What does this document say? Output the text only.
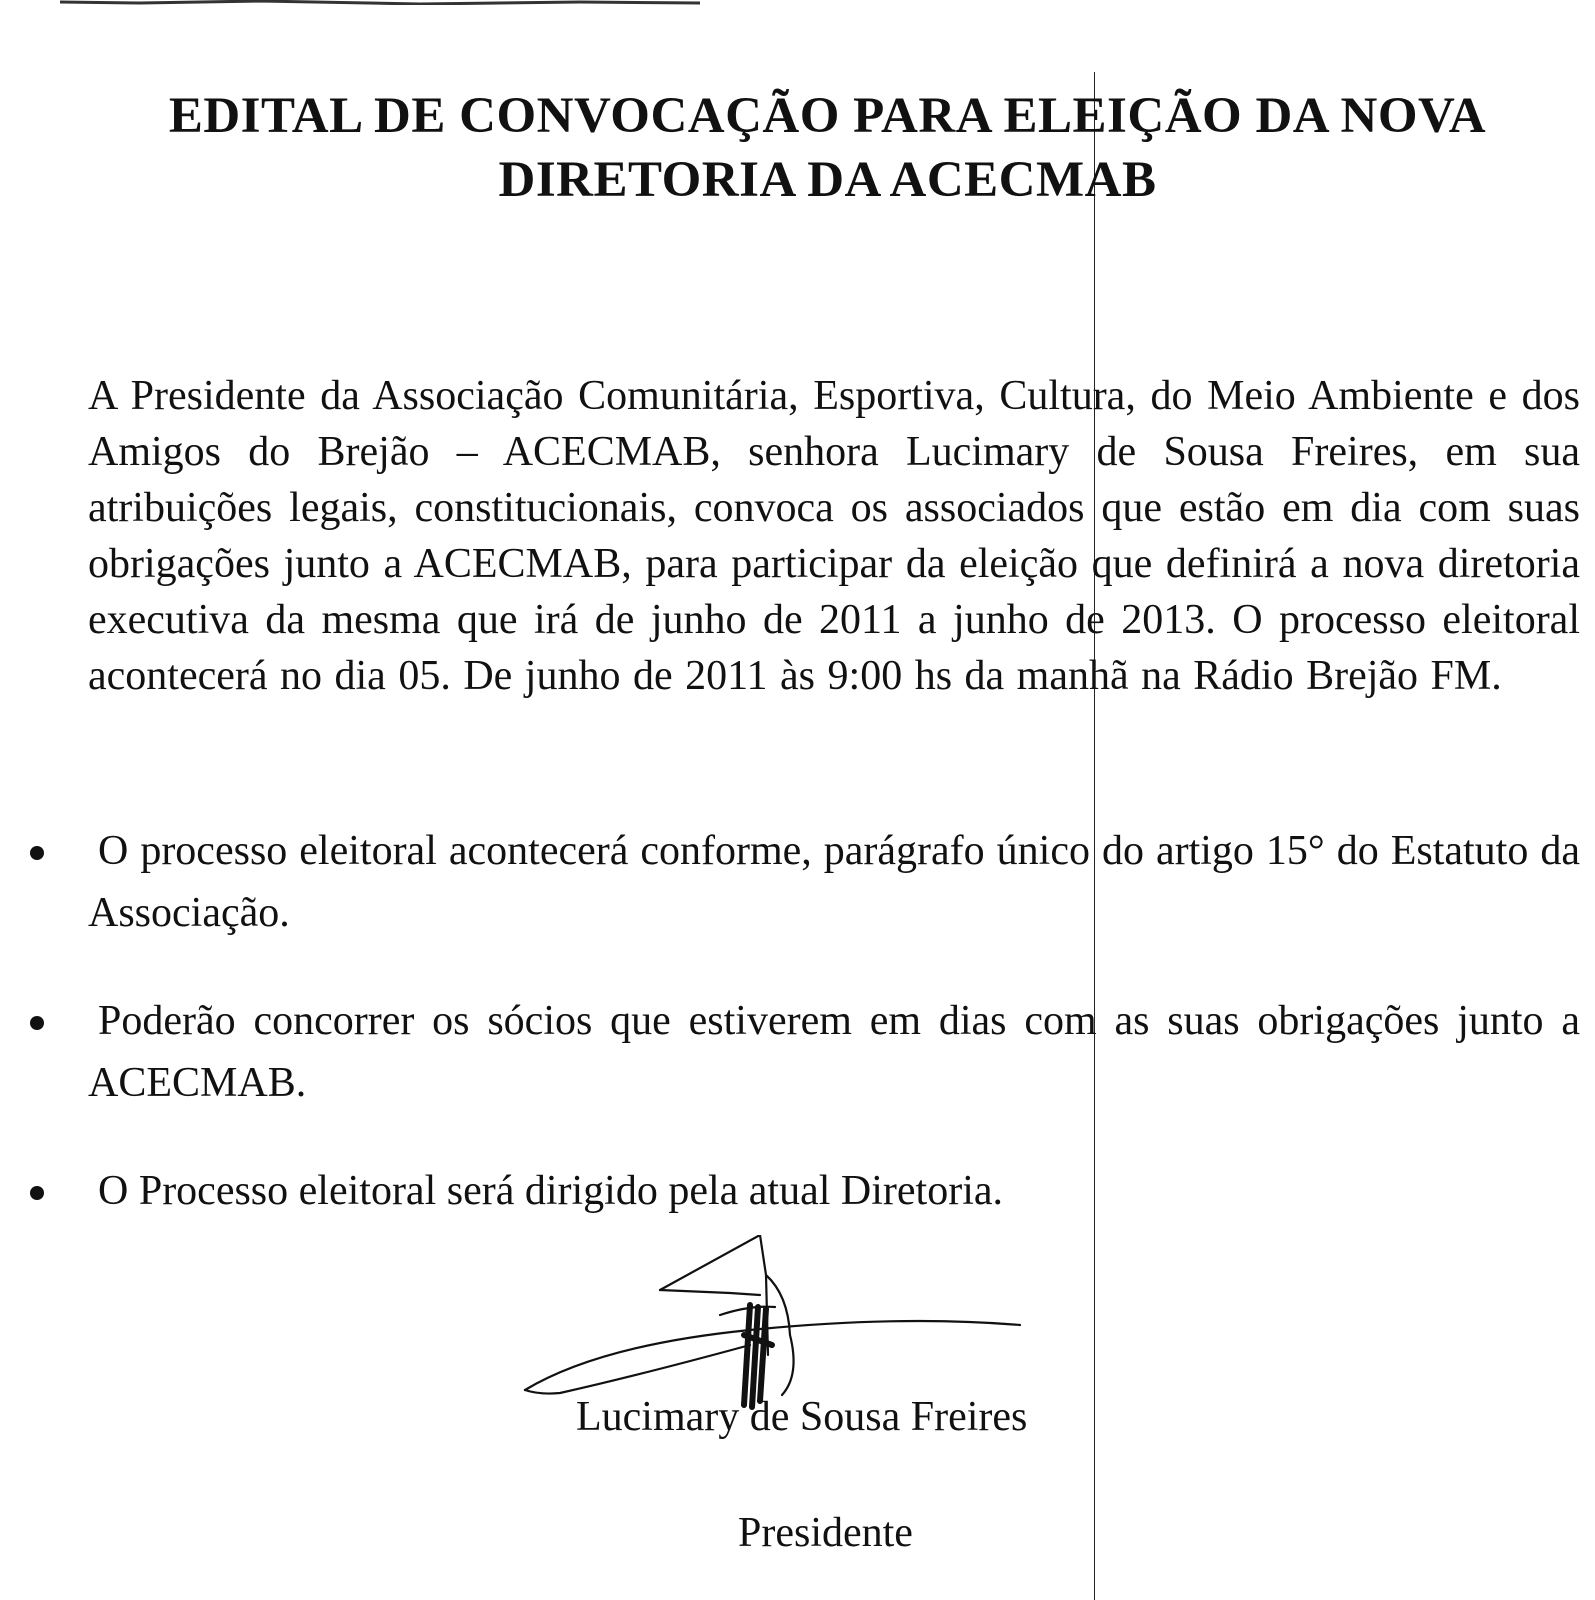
EDITAL DE CONVOCAÇÃO PARA ELEIÇÃO DA NOVA
DIRETORIA DA ACECMAB

A Presidente da Associação Comunitária, Esportiva, Cultura, do Meio Ambiente e dos Amigos do Brejão – ACECMAB, senhora Lucimary de Sousa Freires, em sua atribuições legais, constitucionais, convoca os associados que estão em dia com suas obrigações junto a ACECMAB, para participar da eleição que definirá a nova diretoria executiva da mesma que irá de junho de 2011 a junho de 2013. O processo eleitoral acontecerá no dia 05. De junho de 2011 às 9:00 hs da manhã na Rádio Brejão FM.

O processo eleitoral acontecerá conforme, parágrafo único do artigo 15° do Estatuto da Associação.
Poderão concorrer os sócios que estiverem em dias com as suas obrigações junto a ACECMAB.
O Processo eleitoral será dirigido pela atual Diretoria.
Lucimary de Sousa Freires
Presidente
